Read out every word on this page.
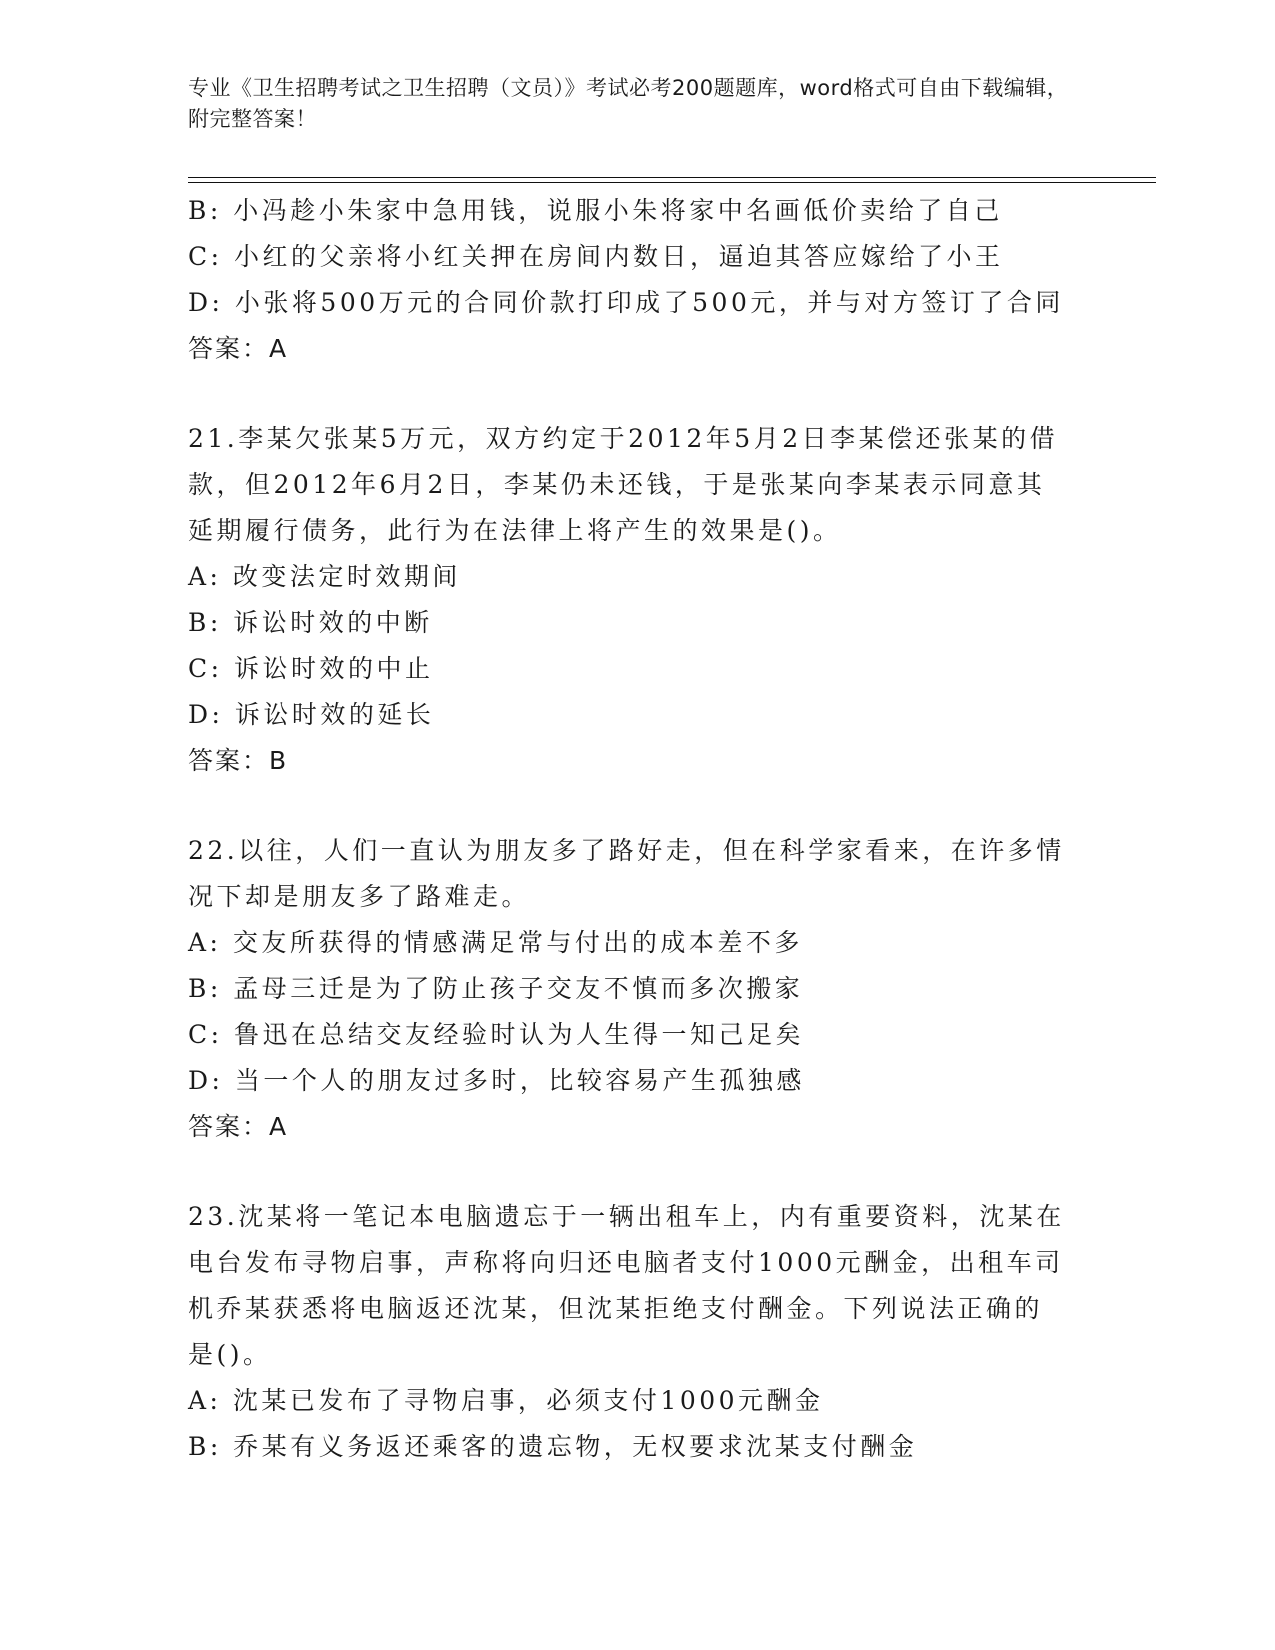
专业《卫生招聘考试之卫生招聘（文员）》考试必考200题题库，word格式可自由下载编辑，附完整答案！
B: 小冯趁小朱家中急用钱，说服小朱将家中名画低价卖给了自己
C: 小红的父亲将小红关押在房间内数日，逼迫其答应嫁给了小王
D: 小张将500万元的合同价款打印成了500元，并与对方签订了合同
答案：A
21.李某欠张某5万元，双方约定于2012年5月2日李某偿还张某的借款，但2012年6月2日，李某仍未还钱，于是张某向李某表示同意其延期履行债务，此行为在法律上将产生的效果是()。
A: 改变法定时效期间
B: 诉讼时效的中断
C: 诉讼时效的中止
D: 诉讼时效的延长
答案：B
22.以往，人们一直认为朋友多了路好走，但在科学家看来，在许多情况下却是朋友多了路难走。
A: 交友所获得的情感满足常与付出的成本差不多
B: 孟母三迁是为了防止孩子交友不慎而多次搬家
C: 鲁迅在总结交友经验时认为人生得一知己足矣
D: 当一个人的朋友过多时，比较容易产生孤独感
答案：A
23.沈某将一笔记本电脑遗忘于一辆出租车上，内有重要资料，沈某在电台发布寻物启事，声称将向归还电脑者支付1000元酬金，出租车司机乔某获悉将电脑返还沈某，但沈某拒绝支付酬金。下列说法正确的是()。
A: 沈某已发布了寻物启事，必须支付1000元酬金
B: 乔某有义务返还乘客的遗忘物，无权要求沈某支付酬金
